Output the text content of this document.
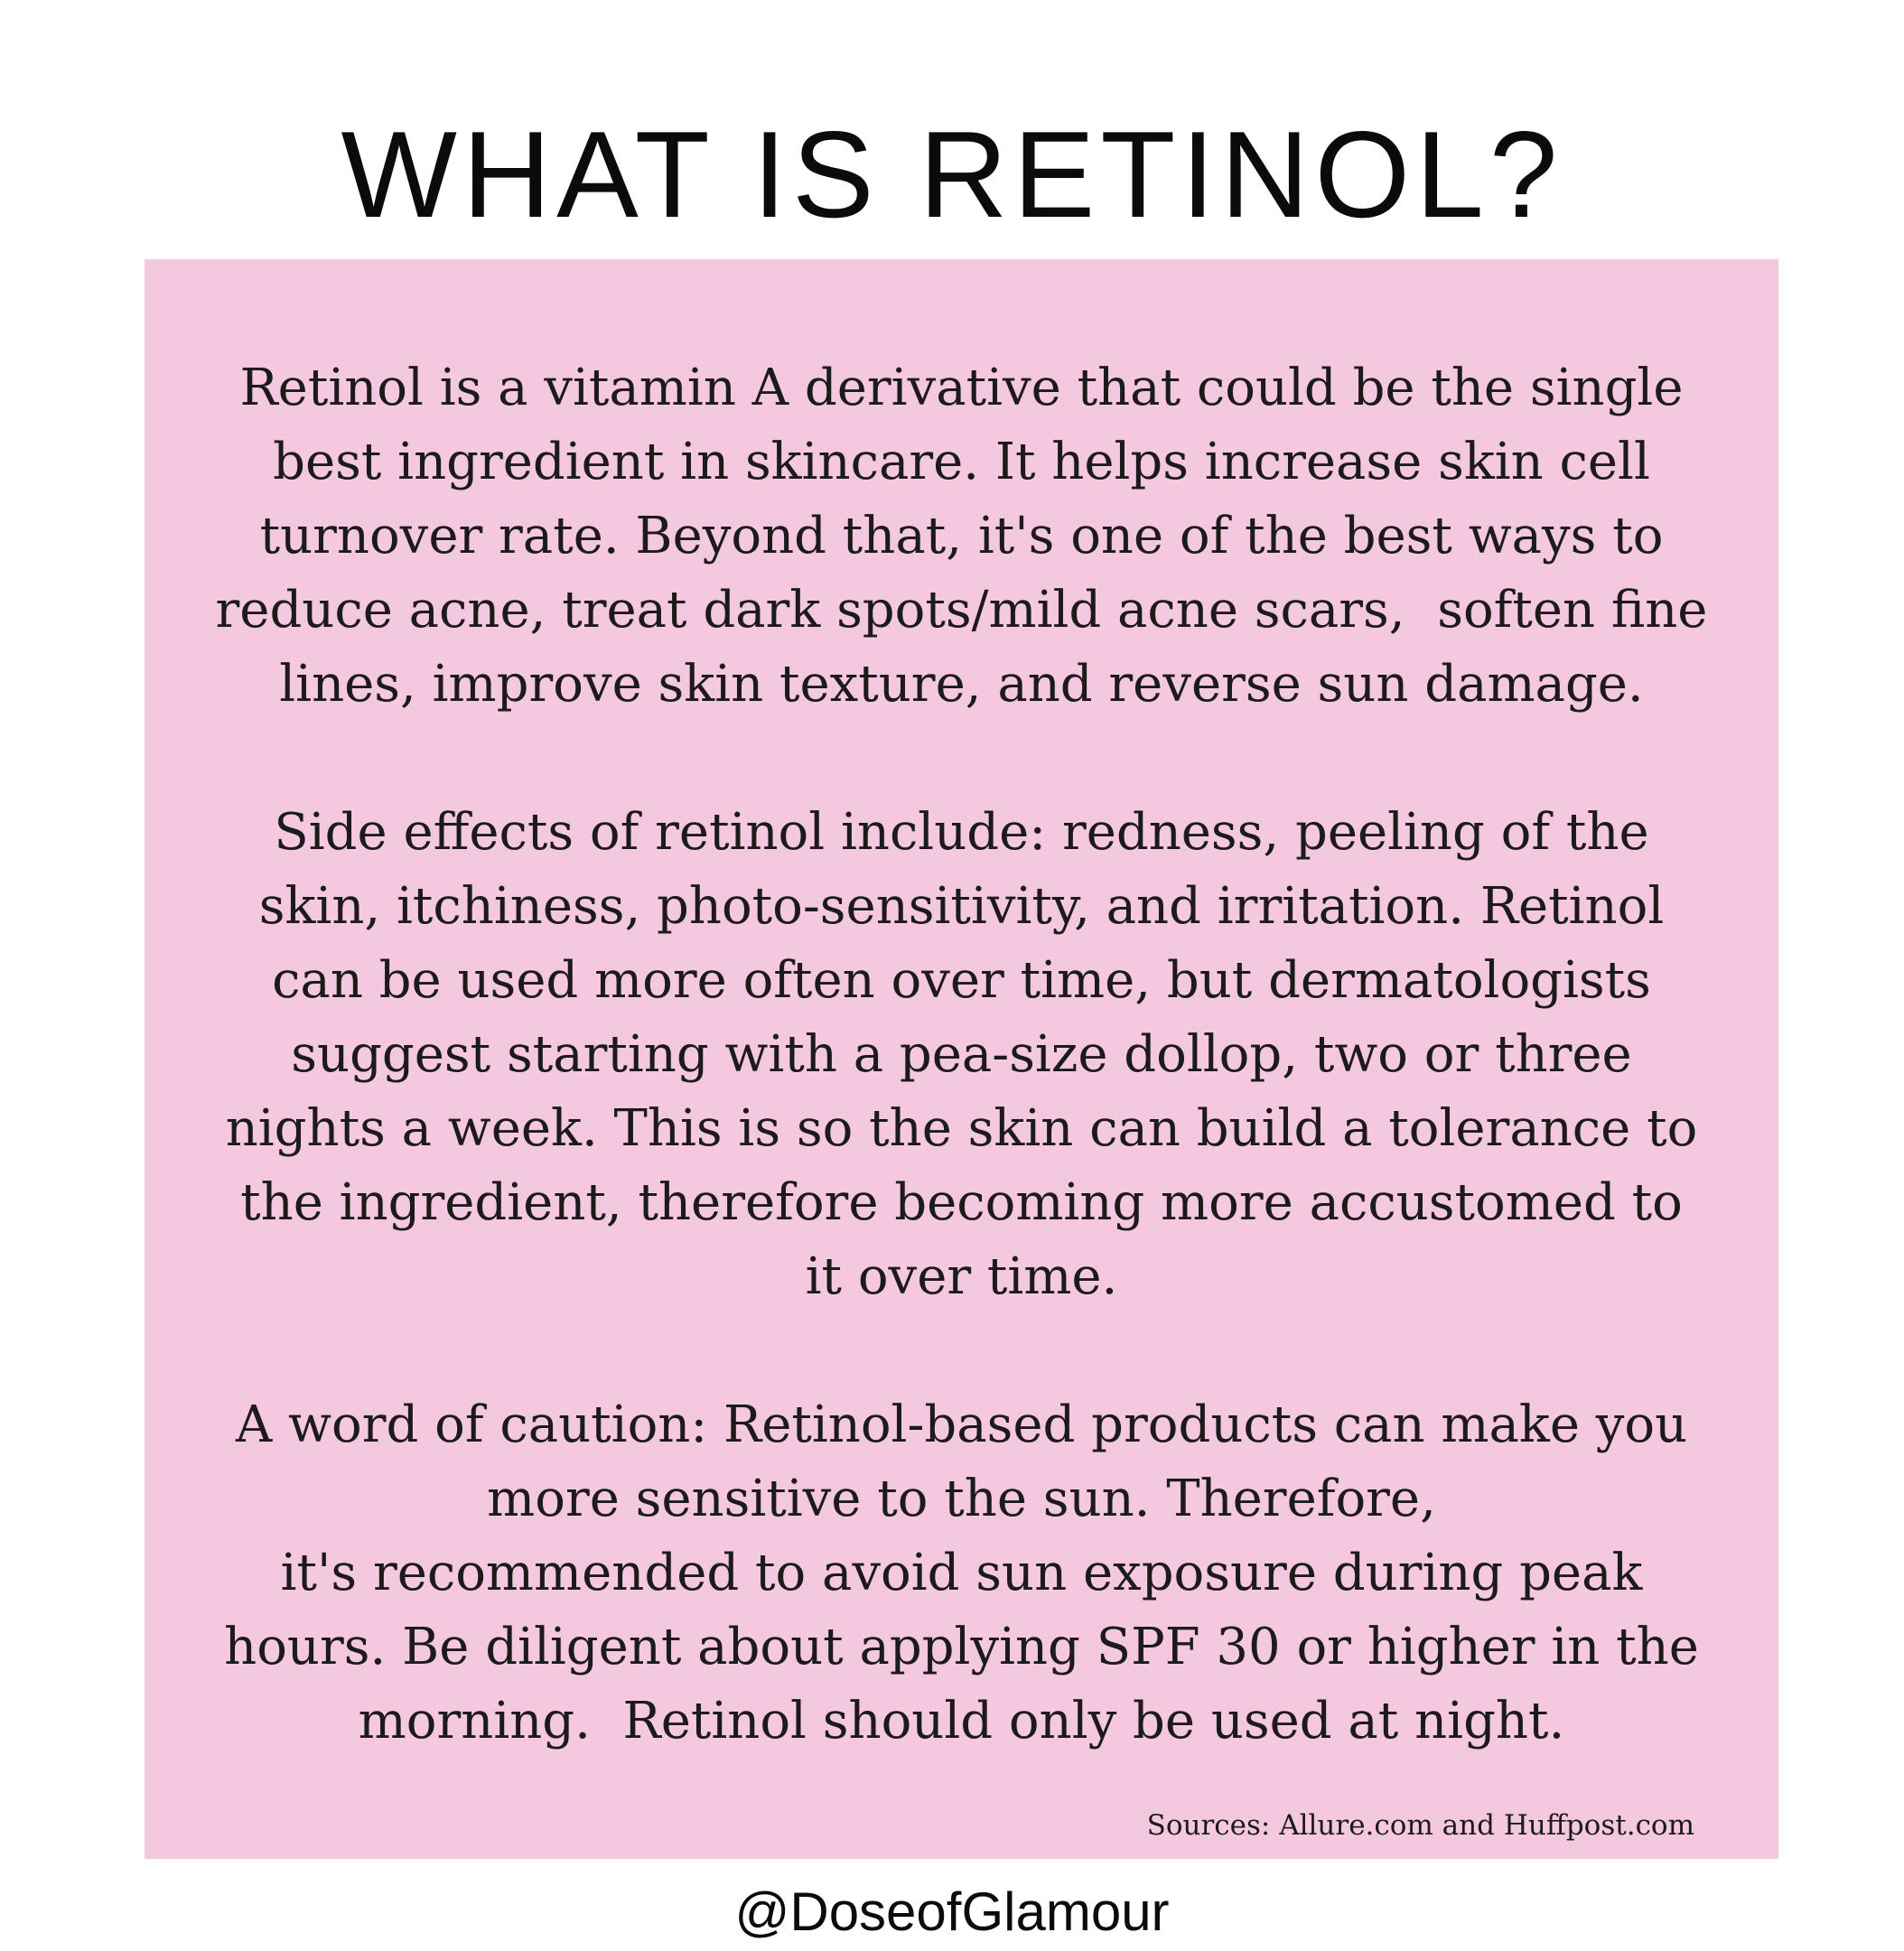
WHAT IS RETINOL?

Retinol is a vitamin A derivative that could be the single
best ingredient in skincare. It helps increase skin cell
turnover rate. Beyond that, it's one of the best ways to
reduce acne, treat dark spots/mild acne scars,  soften fine
lines, improve skin texture, and reverse sun damage.

Side effects of retinol include: redness, peeling of the
skin, itchiness, photo-sensitivity, and irritation. Retinol
can be used more often over time, but dermatologists
suggest starting with a pea-size dollop, two or three
nights a week. This is so the skin can build a tolerance to
the ingredient, therefore becoming more accustomed to
it over time.

A word of caution: Retinol-based products can make you
more sensitive to the sun. Therefore,
it's recommended to avoid sun exposure during peak
hours. Be diligent about applying SPF 30 or higher in the
morning.  Retinol should only be used at night.

Sources: Allure.com and Huffpost.com

@DoseofGlamour
